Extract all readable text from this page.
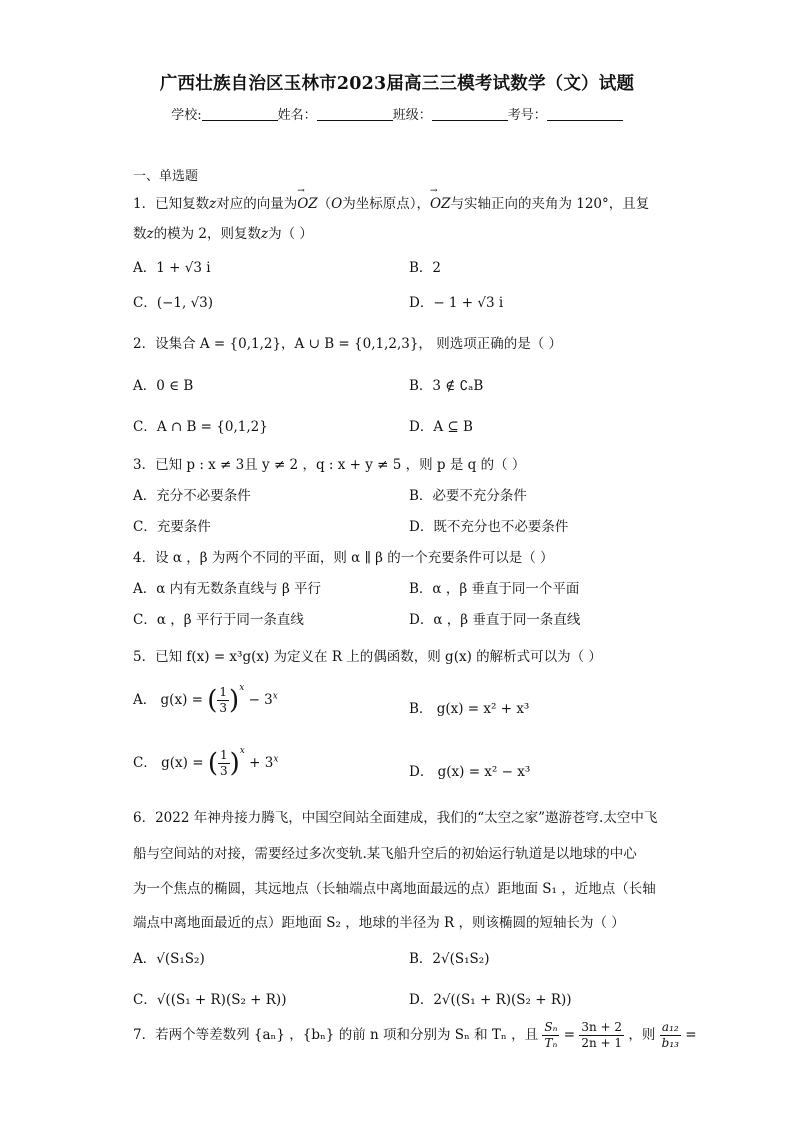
广西壮族自治区玉林市2023届高三三模考试数学（文）试题
学校:	姓名：	班级：	考号：
一、单选题
1．已知复数z对应的向量为→ OZ（O为坐标原点），→ OZ与实轴正向的夹角为 120°，且复
数z的模为 2，则复数z为（ ）
A．1 + √3 i	B．2
C．(−1, √3)	D．− 1 + √3 i
2．设集合 A = {0,1,2}，A ∪ B = {0,1,2,3}， 则选项正确的是（ ）
A．0 ∈ B	B．3 ∉ ∁ₐB
C．A ∩ B = {0,1,2}	D．A ⊆ B
3．已知 p : x ≠ 3且 y ≠ 2 ，q : x + y ≠ 5 ，则 p 是 q 的（ ）
A．充分不必要条件	B．必要不充分条件
C．充要条件	D．既不充分也不必要条件
4．设 α ，β 为两个不同的平面，则 α ∥ β 的一个充要条件可以是（ ）
A．α 内有无数条直线与 β 平行	B．α ，β 垂直于同一个平面
C．α ，β 平行于同一条直线	D．α ，β 垂直于同一条直线
5．已知 f(x) = x³g(x) 为定义在 R 上的偶函数，则 g(x) 的解析式可以为（ ）
A． g(x) = ( $\frac{1}{3} )^x - 3^x$
B． g(x) = x² + x³
C． g(x) = ( $\frac{1}{3} )^x + 3^x$
D． g(x) = x² − x³
6．2022 年神舟接力腾飞，中国空间站全面建成，我们的“太空之家”遨游苍穹.太空中飞
船与空间站的对接，需要经过多次变轨.某飞船升空后的初始运行轨道是以地球的中心
为一个焦点的椭圆，其远地点（长轴端点中离地面最远的点）距地面 S₁ ，近地点（长轴
端点中离地面最近的点）距地面 S₂ ，地球的半径为 R ，则该椭圆的短轴长为（ ）
A．√(S₁S₂)	B．2√(S₁S₂)
C．√((S₁ + R)(S₂ + R))	D．2√((S₁ + R)(S₂ + R))
7．若两个等差数列 {aₙ} ，{bₙ} 的前 n 项和分别为 Sₙ 和 Tₙ ，且 $\frac{\text{Sₙ}}{\text{Tₙ}} = \frac{3n + 2}{2n + 1}$ ，则 $\frac{\text{a₁₂}}{\text{b₁₃}}$ =
